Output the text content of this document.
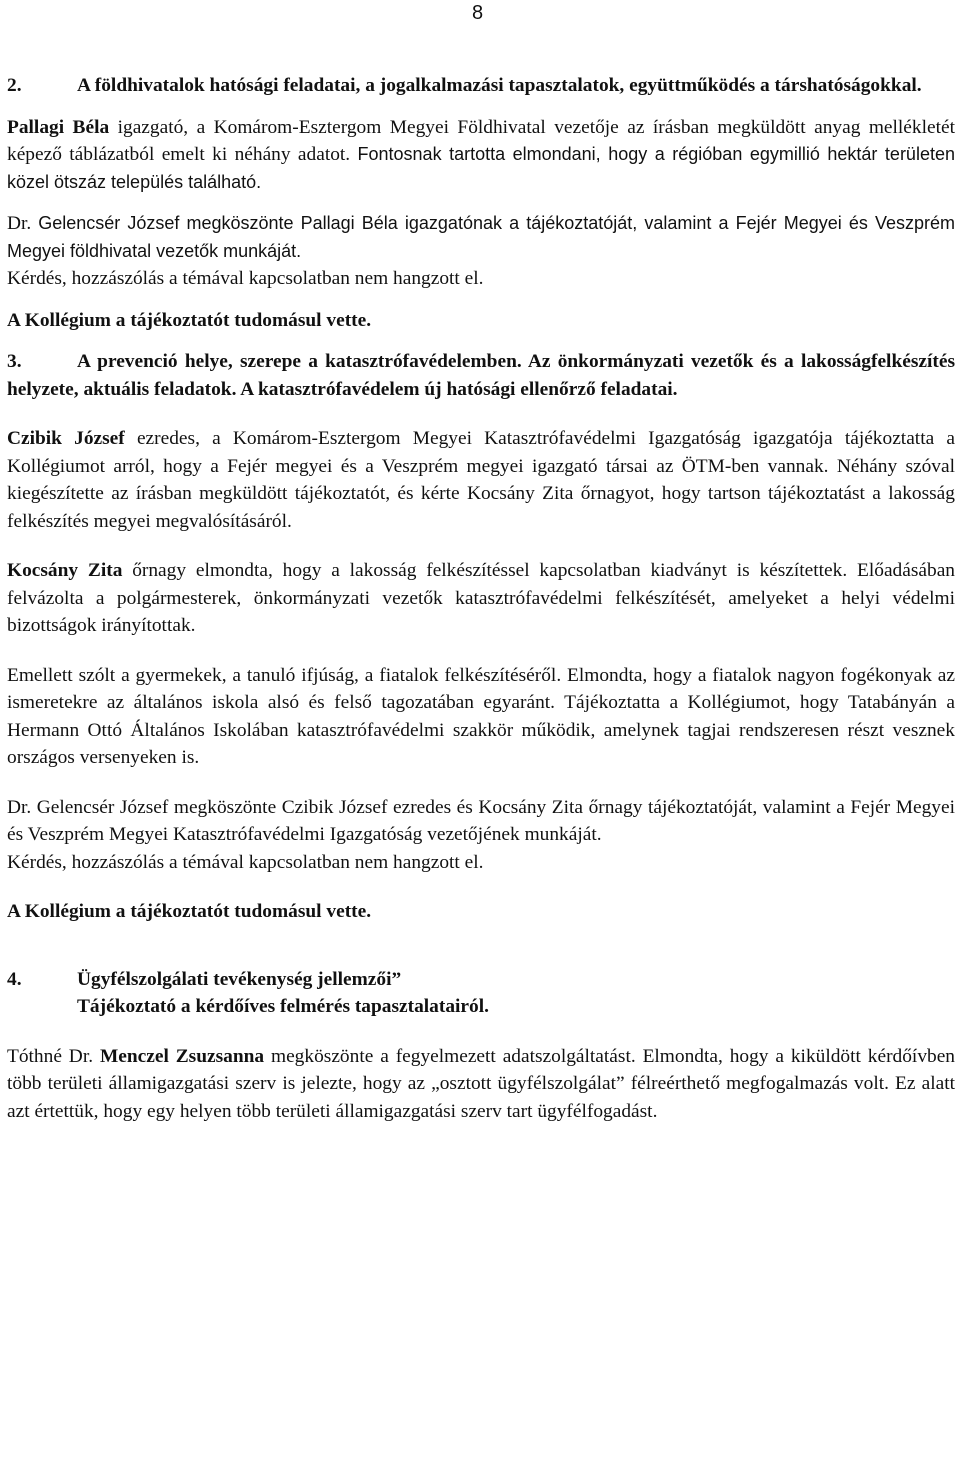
8

2.	A földhivatalok hatósági feladatai, a jogalkalmazási tapasztalatok, együttműködés a társhatóságokkal.

Pallagi Béla igazgató, a Komárom-Esztergom Megyei Földhivatal vezetője az írásban megküldött anyag mellékletét képező táblázatból emelt ki néhány adatot. Fontosnak tartotta elmondani, hogy a régióban egymillió hektár területen közel ötszáz település található.

Dr. Gelencsér József megköszönte Pallagi Béla igazgatónak a tájékoztatóját, valamint a Fejér Megyei és Veszprém Megyei földhivatal vezetők munkáját.

Kérdés, hozzászólás a témával kapcsolatban nem hangzott el.

A Kollégium a tájékoztatót tudomásul vette.

3.	A prevenció helye, szerepe a katasztrófavédelemben. Az önkormányzati vezetők és a lakosságfelkészítés helyzete, aktuális feladatok. A katasztrófavédelem új hatósági ellenőrző feladatai.

Czibik József ezredes, a Komárom-Esztergom Megyei Katasztrófavédelmi Igazgatóság igazgatója tájékoztatta a Kollégiumot arról, hogy a Fejér megyei és a Veszprém megyei igazgató társai az ÖTM-ben vannak. Néhány szóval kiegészítette az írásban megküldött tájékoztatót, és kérte Kocsány Zita őrnagyot, hogy tartson tájékoztatást a lakosság felkészítés megyei megvalósításáról.

Kocsány Zita őrnagy elmondta, hogy a lakosság felkészítéssel kapcsolatban kiadványt is készítettek. Előadásában felvázolta a polgármesterek, önkormányzati vezetők katasztrófavédelmi felkészítését, amelyeket a helyi védelmi bizottságok irányítottak.

Emellett szólt a gyermekek, a tanuló ifjúság, a fiatalok felkészítéséről. Elmondta, hogy a fiatalok nagyon fogékonyak az ismeretekre az általános iskola alsó és felső tagozatában egyaránt. Tájékoztatta a Kollégiumot, hogy Tatabányán a Hermann Ottó Általános Iskolában katasztrófavédelmi szakkör működik, amelynek tagjai rendszeresen részt vesznek országos versenyeken is.

Dr. Gelencsér József megköszönte Czibik József ezredes és Kocsány Zita őrnagy tájékoztatóját, valamint a Fejér Megyei és Veszprém Megyei Katasztrófavédelmi Igazgatóság vezetőjének munkáját.

Kérdés, hozzászólás a témával kapcsolatban nem hangzott el.

A Kollégium a tájékoztatót tudomásul vette.

4.	Ügyfélszolgálati tevékenység jellemzői”

Tájékoztató a kérdőíves felmérés tapasztalatairól.

Tóthné Dr. Menczel Zsuzsanna megköszönte a fegyelmezett adatszolgáltatást. Elmondta, hogy a kiküldött kérdőívben több területi államigazgatási szerv is jelezte, hogy az „osztott ügyfélszolgálat” félreérthető megfogalmazás volt. Ez alatt azt értettük, hogy egy helyen több területi államigazgatási szerv tart ügyfélfogadást.
